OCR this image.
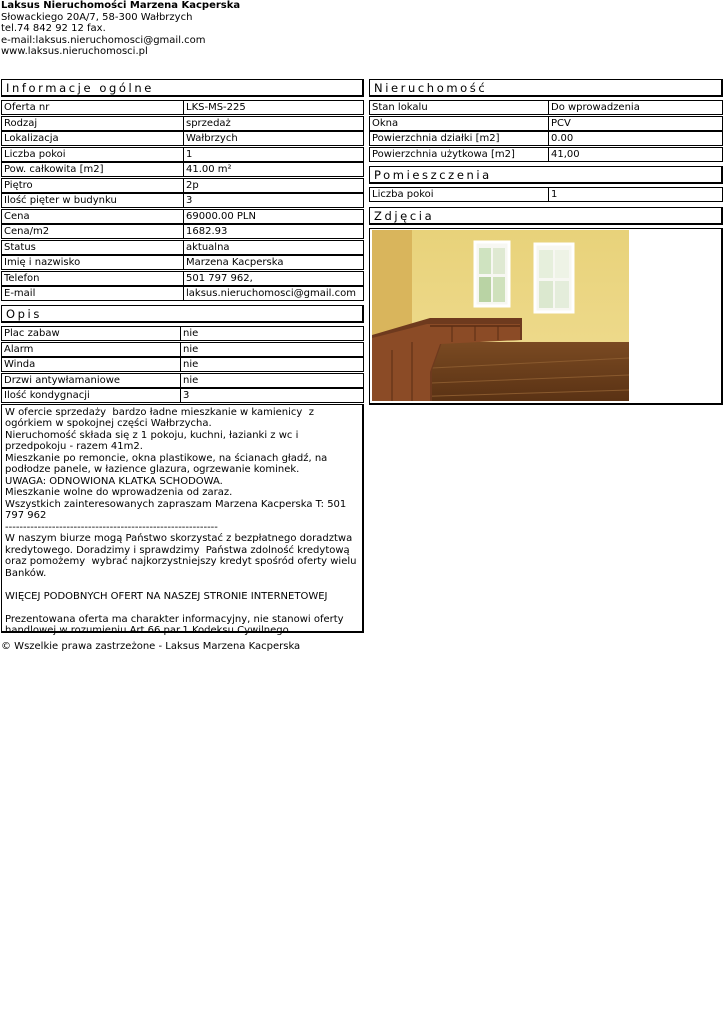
Laksus Nieruchomości Marzena Kacperska
Słowackiego 20A/7, 58-300 Wałbrzych
tel.74 842 92 12 fax.
e-mail:laksus.nieruchomosci@gmail.com
www.laksus.nieruchomosci.pl
Informacje ogólne
Oferta nr	LKS-MS-225
Rodzaj	sprzedaż
Lokalizacja	Wałbrzych
Liczba pokoi	1
Pow. całkowita [m2]	41.00 m²
Piętro	2p
Ilość pięter w budynku	3
Cena	69000.00 PLN
Cena/m2	1682.93
Status	aktualna
Imię i nazwisko	Marzena Kacperska
Telefon	501 797 962,
E-mail	laksus.nieruchomosci@gmail.com
Opis
Plac zabaw	nie
Alarm	nie
Winda	nie
Drzwi antywłamaniowe	nie
Ilość kondygnacji	3
W ofercie sprzedaży  bardzo ładne mieszkanie w kamienicy  z ogórkiem w spokojnej części Wałbrzycha.
Nieruchomość składa się z 1 pokoju, kuchni, łazianki z wc i przedpokoju - razem 41m2.
Mieszkanie po remoncie, okna plastikowe, na ścianach gładź, na podłodze panele, w łazience glazura, ogrzewanie kominek.
UWAGA: ODNOWIONA KLATKA SCHODOWA.
Mieszkanie wolne do wprowadzenia od zaraz.
Wszystkich zainteresowanych zapraszam Marzena Kacperska T: 501 797 962
-----------------------------------------------------------
W naszym biurze mogą Państwo skorzystać z bezpłatnego doradztwa kredytowego. Doradzimy i sprawdzimy  Państwa zdolność kredytową oraz pomożemy  wybrać najkorzystniejszy kredyt spośród oferty wielu Banków.

WIĘCEJ PODOBNYCH OFERT NA NASZEJ STRONIE INTERNETOWEJ

Prezentowana oferta ma charakter informacyjny, nie stanowi oferty handlowej w rozumieniu Art.66 par.1 Kodeksu Cywilnego
Nieruchomość
Stan lokalu	Do wprowadzenia
Okna	PCV
Powierzchnia działki [m2]	0.00
Powierzchnia użytkowa [m2]	41,00
Pomieszczenia
Liczba pokoi	1
Zdjęcia
© Wszelkie prawa zastrzeżone - Laksus Marzena Kacperska
